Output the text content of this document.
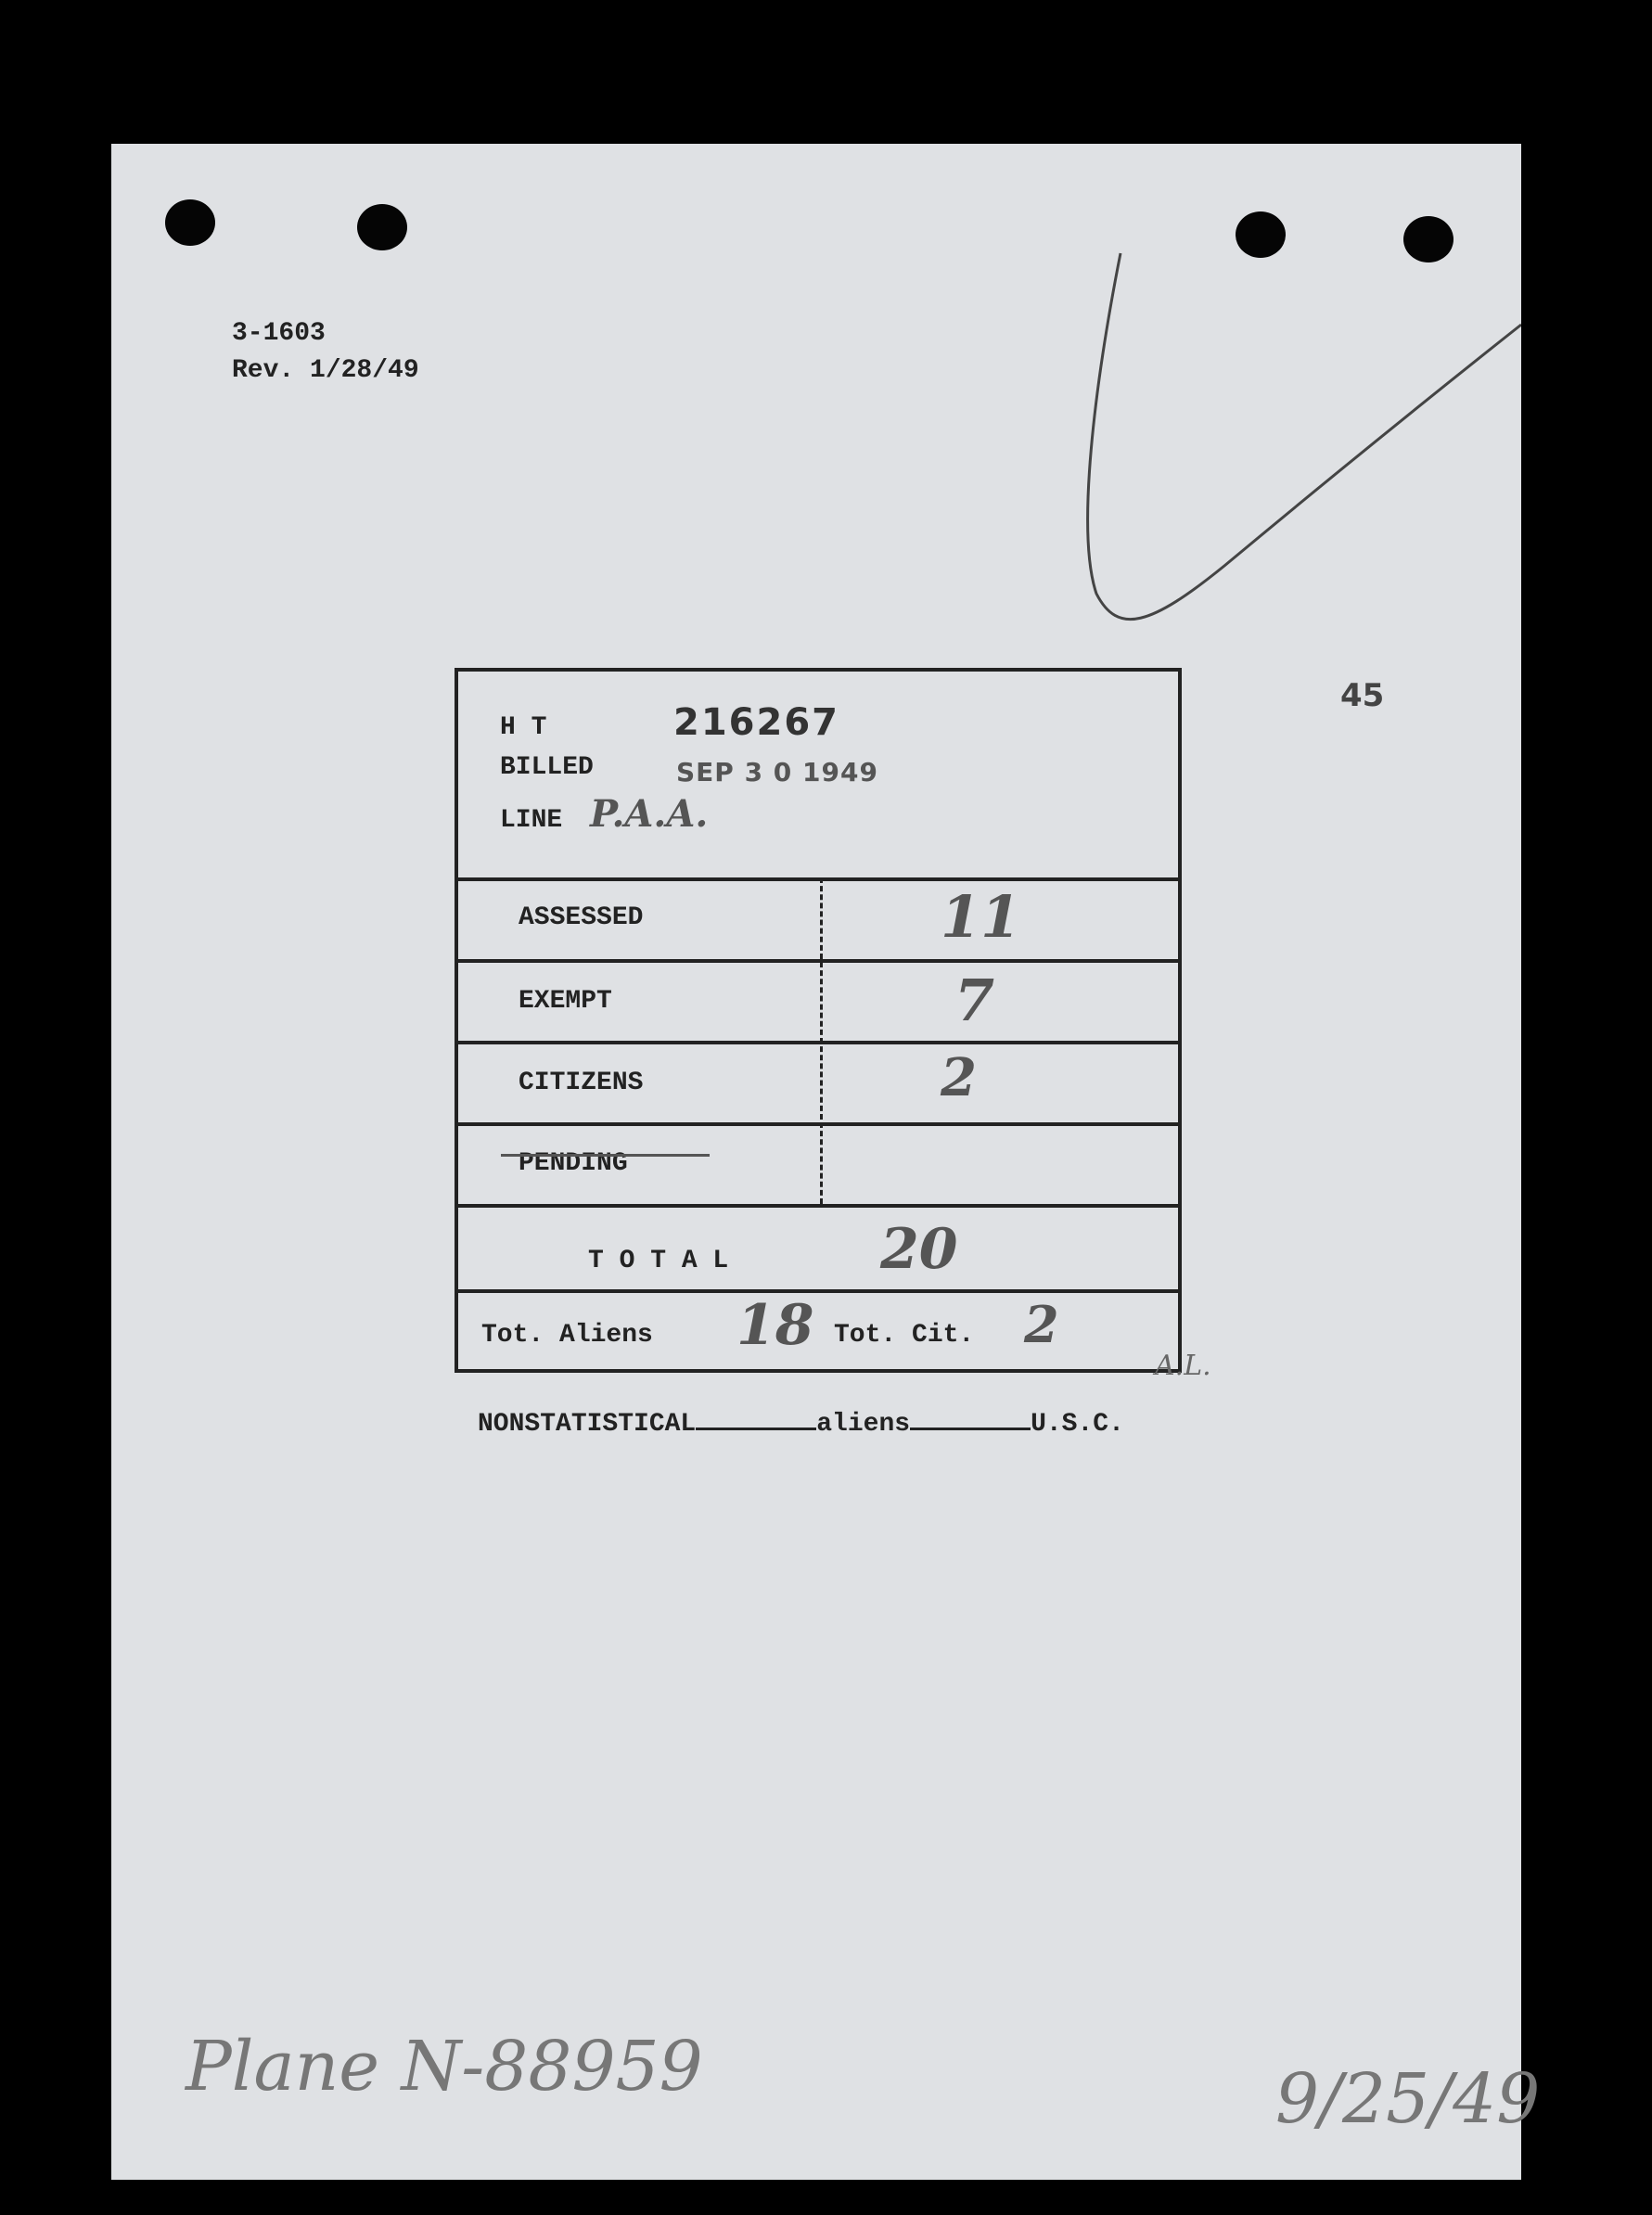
3-1603
Rev. 1/28/49
45
H T	216267
BILLED	SEP 3 0 1949
LINE P.A.A.
ASSESSED	11
EXEMPT	7
CITIZENS	2
PENDING
T O T A L	20
Tot. Aliens 18 Tot. Cit. 2
A.L.
NONSTATISTICAL	aliens	U.S.C.
Plane N-88959	9/25/49
